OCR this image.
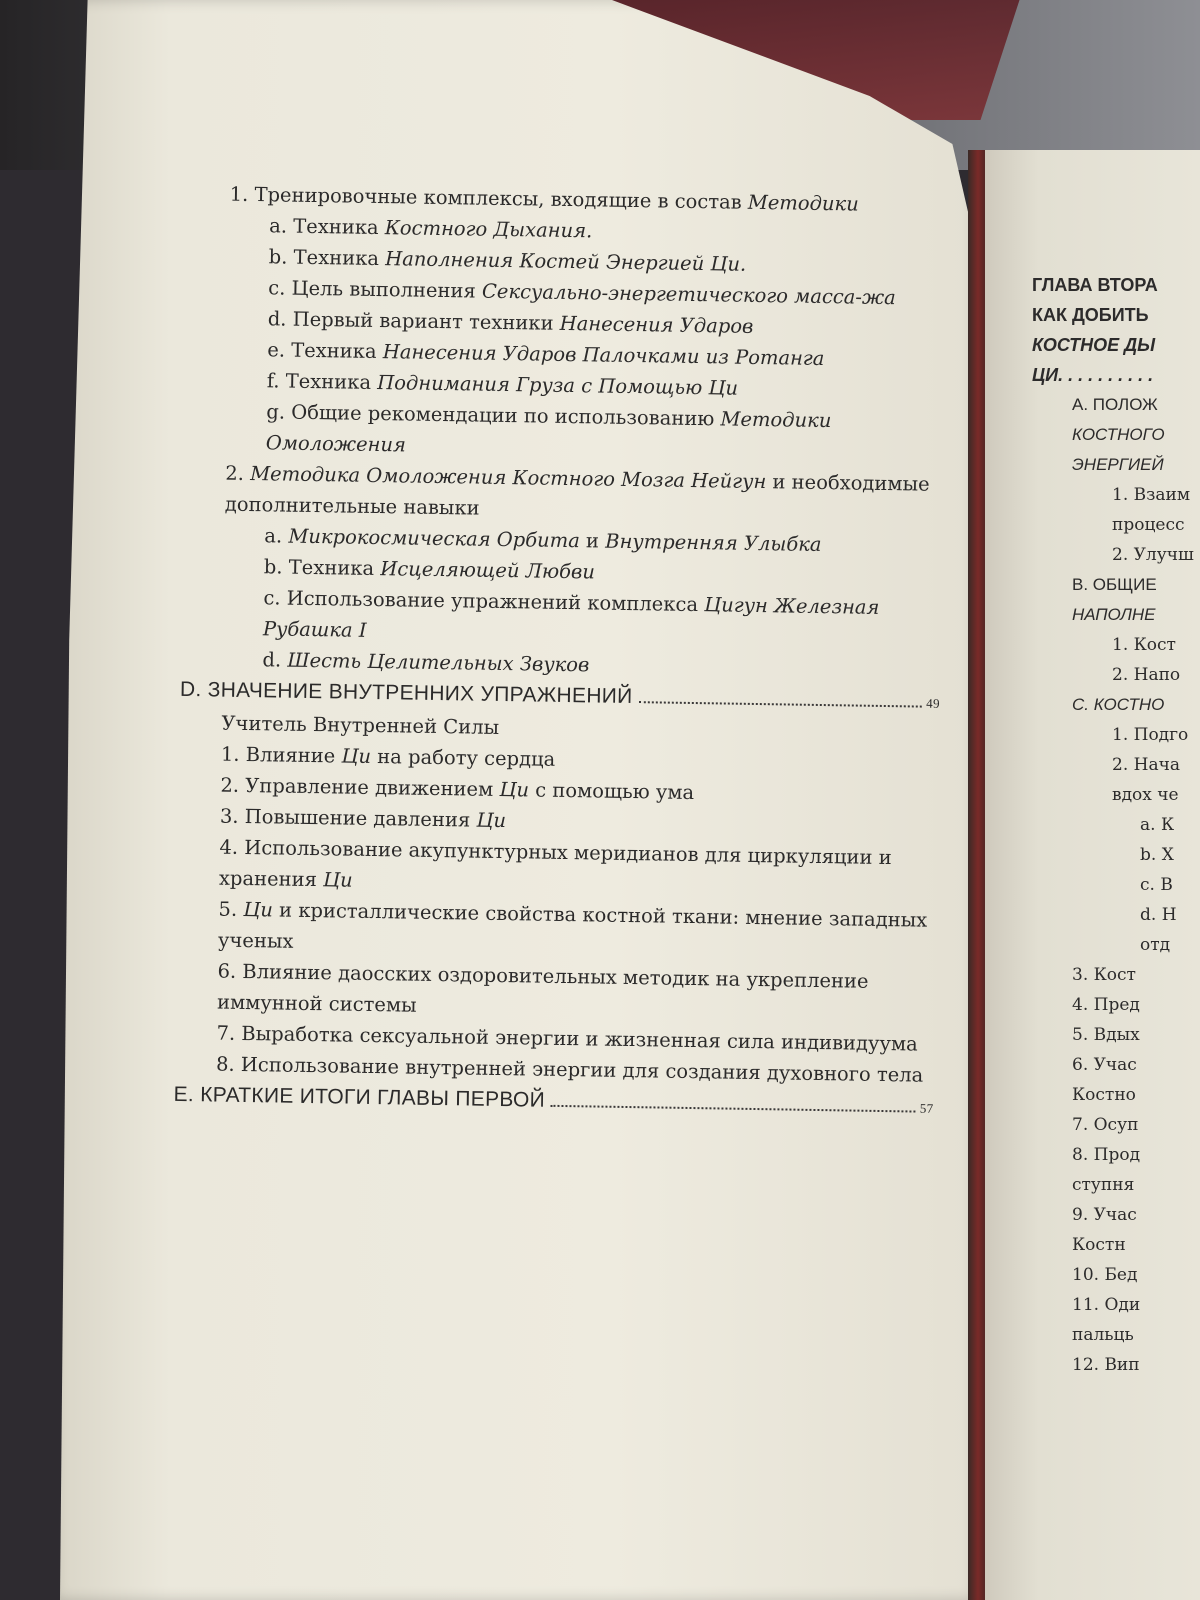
1. Тренировочные комплексы, входящие в состав Методики
a. Техника Костного Дыхания.
b. Техника Наполнения Костей Энергией Ци.
c. Цель выполнения Сексуально-энергетического масса-жа
d. Первый вариант техники Нанесения Ударов
e. Техника Нанесения Ударов Палочками из Ротанга
f. Техника Поднимания Груза с Помощью Ци
g. Общие рекомендации по использованию Методики Омоложения
2. Методика Омоложения Костного Мозга Нейгун и необходимые дополнительные навыки
a. Микрокосмическая Орбита и Внутренняя Улыбка
b. Техника Исцеляющей Любви
c. Использование упражнений комплекса Цигун Железная Рубашка I
d. Шесть Целительных Звуков
D. ЗНАЧЕНИЕ ВНУТРЕННИХ УПРАЖНЕНИЙ	49
Учитель Внутренней Силы
1. Влияние Ци на работу сердца
2. Управление движением Ци с помощью ума
3. Повышение давления Ци
4. Использование акупунктурных меридианов для циркуляции и хранения Ци
5. Ци и кристаллические свойства костной ткани: мнение западных ученых
6. Влияние даосских оздоровительных методик на укрепление иммунной системы
7. Выработка сексуальной энергии и жизненная сила индивидуума
8. Использование внутренней энергии для создания духовного тела
E. КРАТКИЕ ИТОГИ ГЛАВЫ ПЕРВОЙ	57
ГЛАВА ВТОРА
КАК ДОБИТЬ
КОСТНОЕ ДЫ
ЦИ. . . . . . . . . .
A. ПОЛОЖ
КОСТНОГО
ЭНЕРГИЕЙ
1. Взаим
процесс
2. Улучш
B. ОБЩИЕ
НАПОЛНЕ
1. Кост
2. Напо
C. КОСТНО
1. Подго
2. Нача
вдох че
a. К
b. Х
c. В
d. Н
отд
3. Кост
4. Пред
5. Вдых
6. Учас
Костно
7. Осуп
8. Прод
ступня
9. Учас
Костн
10. Бед
11. Оди
пальць
12. Вип
